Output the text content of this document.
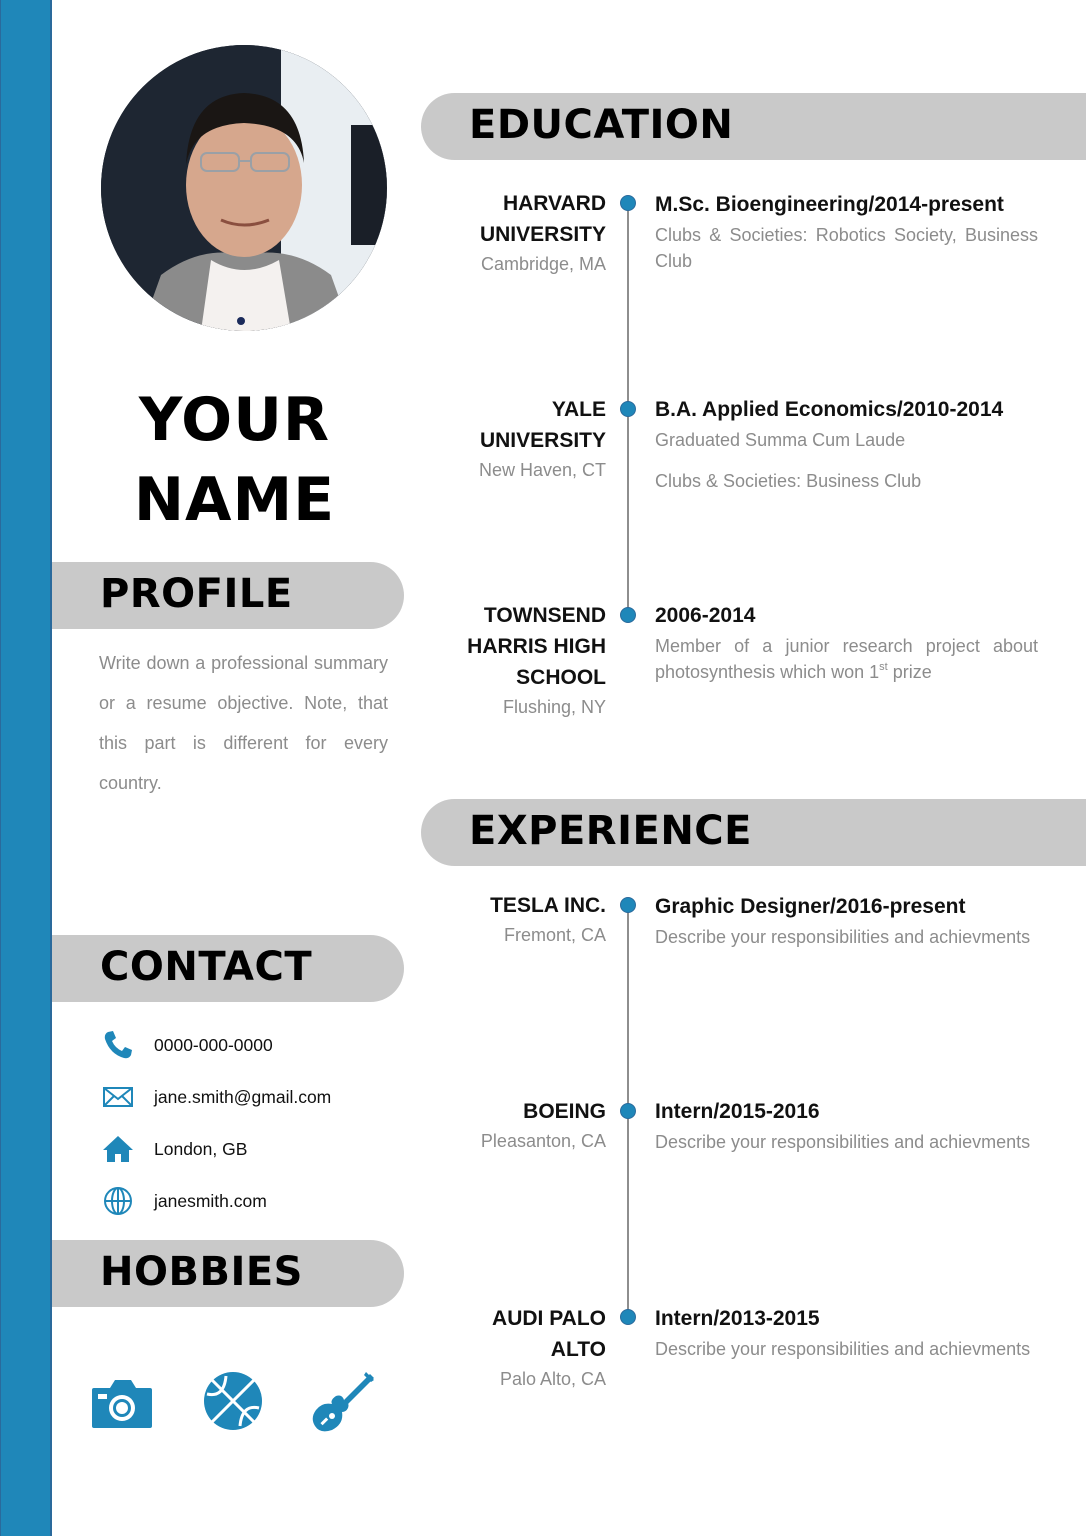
YOUR
NAME
PROFILE
Write down a professional summary or a resume objective. Note, that this part is different for every country.
CONTACT
0000-000-0000
jane.smith@gmail.com
London, GB
janesmith.com
HOBBIES
EDUCATION
HARVARD
UNIVERSITY
Cambridge, MA
M.Sc. Bioengineering/2014-present
Clubs & Societies: Robotics Society, Business Club
YALE
UNIVERSITY
New Haven, CT
B.A. Applied Economics/2010-2014
Graduated Summa Cum Laude
Clubs & Societies: Business Club
TOWNSEND
HARRIS HIGH
SCHOOL
Flushing, NY
2006-2014
Member of a junior research project about photosynthesis which won 1st prize
EXPERIENCE
TESLA INC.
Fremont, CA
Graphic Designer/2016-present
Describe your responsibilities and achievments
BOEING
Pleasanton, CA
Intern/2015-2016
Describe your responsibilities and achievments
AUDI PALO
ALTO
Palo Alto, CA
Intern/2013-2015
Describe your responsibilities and achievments
